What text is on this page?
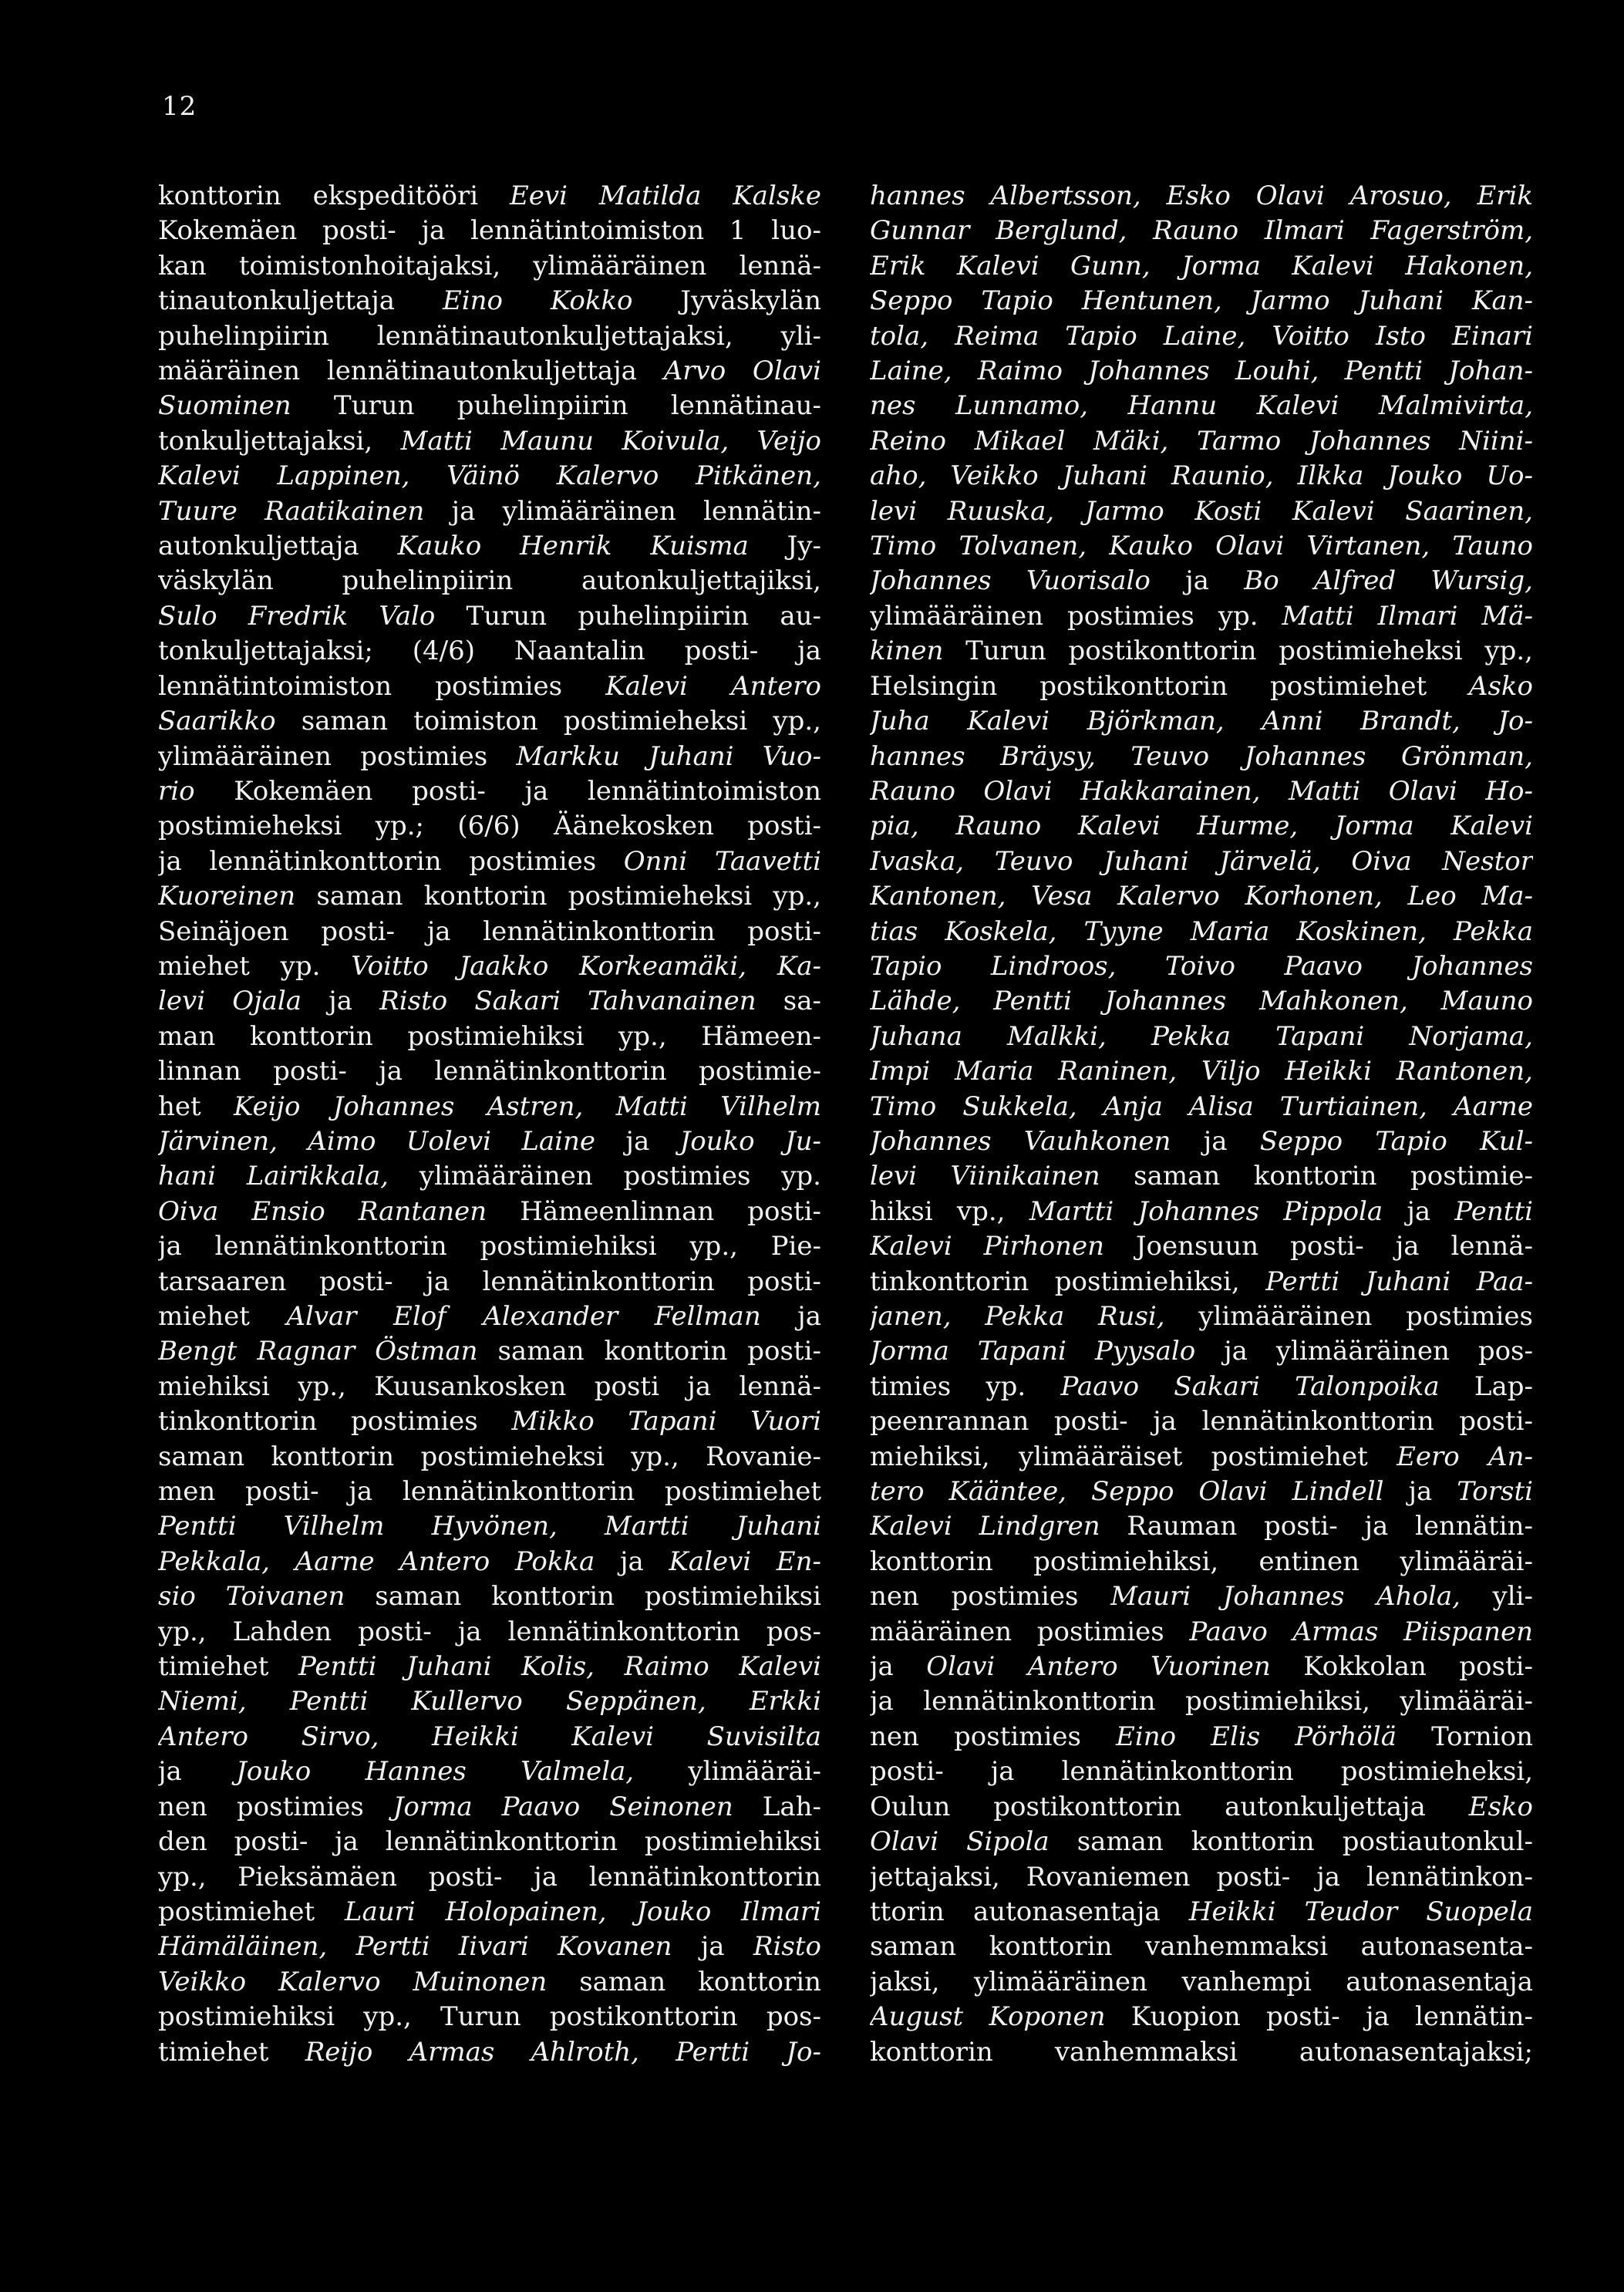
12
konttorin ekspeditööri Eevi Matilda Kalske
Kokemäen posti- ja lennätintoimiston 1 luo-
kan toimistonhoitajaksi, ylimääräinen lennä-
tinautonkuljettaja Eino Kokko Jyväskylän
puhelinpiirin lennätinautonkuljettajaksi, yli-
määräinen lennätinautonkuljettaja Arvo Olavi
Suominen Turun puhelinpiirin lennätinau-
tonkuljettajaksi, Matti Maunu Koivula, Veijo
Kalevi Lappinen, Väinö Kalervo Pitkänen,
Tuure Raatikainen ja ylimääräinen lennätin-
autonkuljettaja Kauko Henrik Kuisma Jy-
väskylän puhelinpiirin autonkuljettajiksi,
Sulo Fredrik Valo Turun puhelinpiirin au-
tonkuljettajaksi; (4/6) Naantalin posti- ja
lennätintoimiston postimies Kalevi Antero
Saarikko saman toimiston postimieheksi yp.,
ylimääräinen postimies Markku Juhani Vuo-
rio Kokemäen posti- ja lennätintoimiston
postimieheksi yp.; (6/6) Äänekosken posti-
ja lennätinkonttorin postimies Onni Taavetti
Kuoreinen saman konttorin postimieheksi yp.,
Seinäjoen posti- ja lennätinkonttorin posti-
miehet yp. Voitto Jaakko Korkeamäki, Ka-
levi Ojala ja Risto Sakari Tahvanainen sa-
man konttorin postimiehiksi yp., Hämeen-
linnan posti- ja lennätinkonttorin postimie-
het Keijo Johannes Astren, Matti Vilhelm
Järvinen, Aimo Uolevi Laine ja Jouko Ju-
hani Lairikkala, ylimääräinen postimies yp.
Oiva Ensio Rantanen Hämeenlinnan posti-
ja lennätinkonttorin postimiehiksi yp., Pie-
tarsaaren posti- ja lennätinkonttorin posti-
miehet Alvar Elof Alexander Fellman ja
Bengt Ragnar Östman saman konttorin posti-
miehiksi yp., Kuusankosken posti ja lennä-
tinkonttorin postimies Mikko Tapani Vuori
saman konttorin postimieheksi yp., Rovanie-
men posti- ja lennätinkonttorin postimiehet
Pentti Vilhelm Hyvönen, Martti Juhani
Pekkala, Aarne Antero Pokka ja Kalevi En-
sio Toivanen saman konttorin postimiehiksi
yp., Lahden posti- ja lennätinkonttorin pos-
timiehet Pentti Juhani Kolis, Raimo Kalevi
Niemi, Pentti Kullervo Seppänen, Erkki
Antero Sirvo, Heikki Kalevi Suvisilta
ja Jouko Hannes Valmela, ylimääräi-
nen postimies Jorma Paavo Seinonen Lah-
den posti- ja lennätinkonttorin postimiehiksi
yp., Pieksämäen posti- ja lennätinkonttorin
postimiehet Lauri Holopainen, Jouko Ilmari
Hämäläinen, Pertti Iivari Kovanen ja Risto
Veikko Kalervo Muinonen saman konttorin
postimiehiksi yp., Turun postikonttorin pos-
timiehet Reijo Armas Ahlroth, Pertti Jo-
hannes Albertsson, Esko Olavi Arosuo, Erik
Gunnar Berglund, Rauno Ilmari Fagerström,
Erik Kalevi Gunn, Jorma Kalevi Hakonen,
Seppo Tapio Hentunen, Jarmo Juhani Kan-
tola, Reima Tapio Laine, Voitto Isto Einari
Laine, Raimo Johannes Louhi, Pentti Johan-
nes Lunnamo, Hannu Kalevi Malmivirta,
Reino Mikael Mäki, Tarmo Johannes Niini-
aho, Veikko Juhani Raunio, Ilkka Jouko Uo-
levi Ruuska, Jarmo Kosti Kalevi Saarinen,
Timo Tolvanen, Kauko Olavi Virtanen, Tauno
Johannes Vuorisalo ja Bo Alfred Wursig,
ylimääräinen postimies yp. Matti Ilmari Mä-
kinen Turun postikonttorin postimieheksi yp.,
Helsingin postikonttorin postimiehet Asko
Juha Kalevi Björkman, Anni Brandt, Jo-
hannes Bräysy, Teuvo Johannes Grönman,
Rauno Olavi Hakkarainen, Matti Olavi Ho-
pia, Rauno Kalevi Hurme, Jorma Kalevi
Ivaska, Teuvo Juhani Järvelä, Oiva Nestor
Kantonen, Vesa Kalervo Korhonen, Leo Ma-
tias Koskela, Tyyne Maria Koskinen, Pekka
Tapio Lindroos, Toivo Paavo Johannes
Lähde, Pentti Johannes Mahkonen, Mauno
Juhana Malkki, Pekka Tapani Norjama,
Impi Maria Raninen, Viljo Heikki Rantonen,
Timo Sukkela, Anja Alisa Turtiainen, Aarne
Johannes Vauhkonen ja Seppo Tapio Kul-
levi Viinikainen saman konttorin postimie-
hiksi vp., Martti Johannes Pippola ja Pentti
Kalevi Pirhonen Joensuun posti- ja lennä-
tinkonttorin postimiehiksi, Pertti Juhani Paa-
janen, Pekka Rusi, ylimääräinen postimies
Jorma Tapani Pyysalo ja ylimääräinen pos-
timies yp. Paavo Sakari Talonpoika Lap-
peenrannan posti- ja lennätinkonttorin posti-
miehiksi, ylimääräiset postimiehet Eero An-
tero Kääntee, Seppo Olavi Lindell ja Torsti
Kalevi Lindgren Rauman posti- ja lennätin-
konttorin postimiehiksi, entinen ylimääräi-
nen postimies Mauri Johannes Ahola, yli-
määräinen postimies Paavo Armas Piispanen
ja Olavi Antero Vuorinen Kokkolan posti-
ja lennätinkonttorin postimiehiksi, ylimääräi-
nen postimies Eino Elis Pörhölä Tornion
posti- ja lennätinkonttorin postimieheksi,
Oulun postikonttorin autonkuljettaja Esko
Olavi Sipola saman konttorin postiautonkul-
jettajaksi, Rovaniemen posti- ja lennätinkon-
ttorin autonasentaja Heikki Teudor Suopela
saman konttorin vanhemmaksi autonasenta-
jaksi, ylimääräinen vanhempi autonasentaja
August Koponen Kuopion posti- ja lennätin-
konttorin vanhemmaksi autonasentajaksi;
